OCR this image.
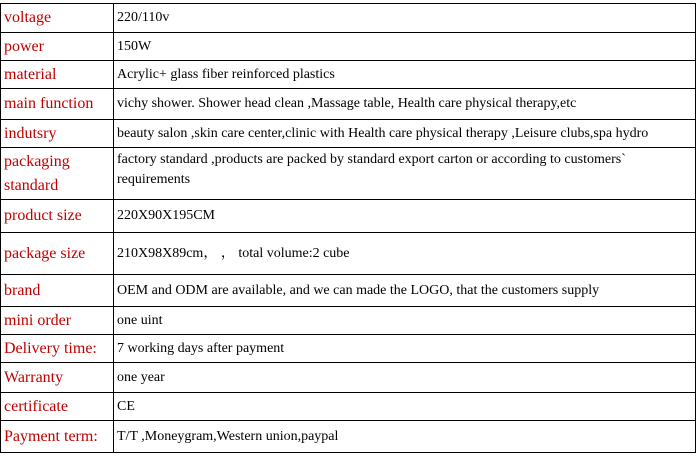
voltage	220/110v
power	150W
material	Acrylic+ glass fiber reinforced plastics
main function	vichy shower. Shower head clean ,Massage table, Health care physical therapy,etc
indutsry	beauty salon ,skin care center,clinic with Health care physical therapy ,Leisure clubs,spa hydro
packaging standard	factory standard ,products are packed by standard export carton or according to customers` requirements
product size	220X90X195CM
package size	210X98X89cm， ， total volume:2 cube
brand	OEM and ODM are available, and we can made the LOGO, that the customers supply
mini order	one uint
Delivery time:	7 working days after payment
Warranty	one year
certificate	CE
Payment term:	T/T ,Moneygram,Western union,paypal
